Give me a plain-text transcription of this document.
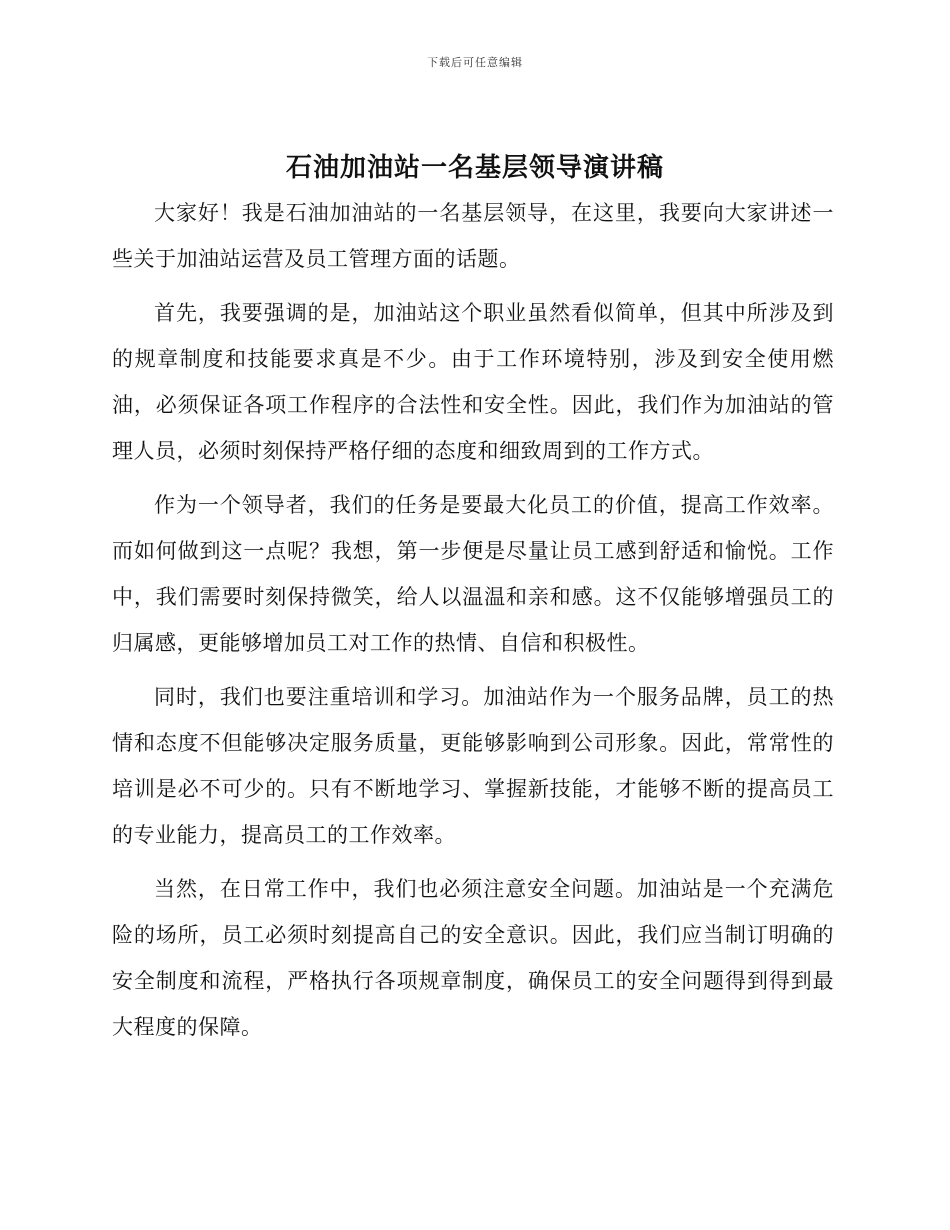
下载后可任意编辑
石油加油站一名基层领导演讲稿

大家好！我是石油加油站的一名基层领导，在这里，我要向大家讲述一些关于加油站运营及员工管理方面的话题。

首先，我要强调的是，加油站这个职业虽然看似简单，但其中所涉及到的规章制度和技能要求真是不少。由于工作环境特别，涉及到安全使用燃油，必须保证各项工作程序的合法性和安全性。因此，我们作为加油站的管理人员，必须时刻保持严格仔细的态度和细致周到的工作方式。

作为一个领导者，我们的任务是要最大化员工的价值，提高工作效率。而如何做到这一点呢？我想，第一步便是尽量让员工感到舒适和愉悦。工作中，我们需要时刻保持微笑，给人以温温和亲和感。这不仅能够增强员工的归属感，更能够增加员工对工作的热情、自信和积极性。

同时，我们也要注重培训和学习。加油站作为一个服务品牌，员工的热情和态度不但能够决定服务质量，更能够影响到公司形象。因此，常常性的培训是必不可少的。只有不断地学习、掌握新技能，才能够不断的提高员工的专业能力，提高员工的工作效率。

当然，在日常工作中，我们也必须注意安全问题。加油站是一个充满危险的场所，员工必须时刻提高自己的安全意识。因此，我们应当制订明确的安全制度和流程，严格执行各项规章制度，确保员工的安全问题得到得到最大程度的保障。
